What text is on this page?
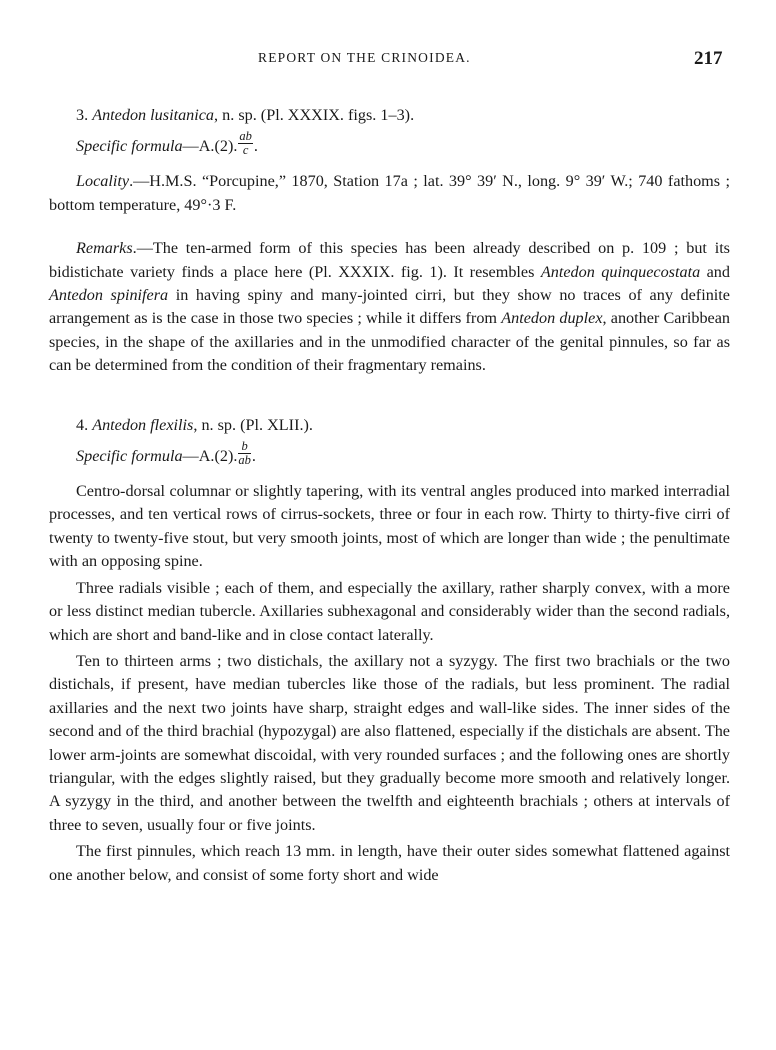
REPORT ON THE CRINOIDEA.	217

3. Antedon lusitanica, n. sp. (Pl. XXXIX. figs. 1–3).

Specific formula—A.(2). $\frac{ab}{c}$ .

Locality.—H.M.S. “Porcupine,” 1870, Station 17a ; lat. 39° 39′ N., long. 9° 39′ W.; 740 fathoms ; bottom temperature, 49°·3 F.

Remarks.—The ten-armed form of this species has been already described on p. 109 ; but its bidistichate variety finds a place here (Pl. XXXIX. fig. 1). It resembles Antedon quinquecostata and Antedon spinifera in having spiny and many-jointed cirri, but they show no traces of any definite arrangement as is the case in those two species ; while it differs from Antedon duplex, another Caribbean species, in the shape of the axillaries and in the unmodified character of the genital pinnules, so far as can be determined from the condition of their fragmentary remains.

4. Antedon flexilis, n. sp. (Pl. XLII.).

Specific formula—A.(2). $\frac{b}{ab}$ .

Centro-dorsal columnar or slightly tapering, with its ventral angles produced into marked interradial processes, and ten vertical rows of cirrus-sockets, three or four in each row. Thirty to thirty-five cirri of twenty to twenty-five stout, but very smooth joints, most of which are longer than wide ; the penultimate with an opposing spine.

Three radials visible ; each of them, and especially the axillary, rather sharply convex, with a more or less distinct median tubercle. Axillaries subhexagonal and considerably wider than the second radials, which are short and band-like and in close contact laterally.

Ten to thirteen arms ; two distichals, the axillary not a syzygy. The first two brachials or the two distichals, if present, have median tubercles like those of the radials, but less prominent. The radial axillaries and the next two joints have sharp, straight edges and wall-like sides. The inner sides of the second and of the third brachial (hypozygal) are also flattened, especially if the distichals are absent. The lower arm-joints are somewhat discoidal, with very rounded surfaces ; and the following ones are shortly triangular, with the edges slightly raised, but they gradually become more smooth and relatively longer. A syzygy in the third, and another between the twelfth and eighteenth brachials ; others at intervals of three to seven, usually four or five joints.

The first pinnules, which reach 13 mm. in length, have their outer sides somewhat flattened against one another below, and consist of some forty short and wide
